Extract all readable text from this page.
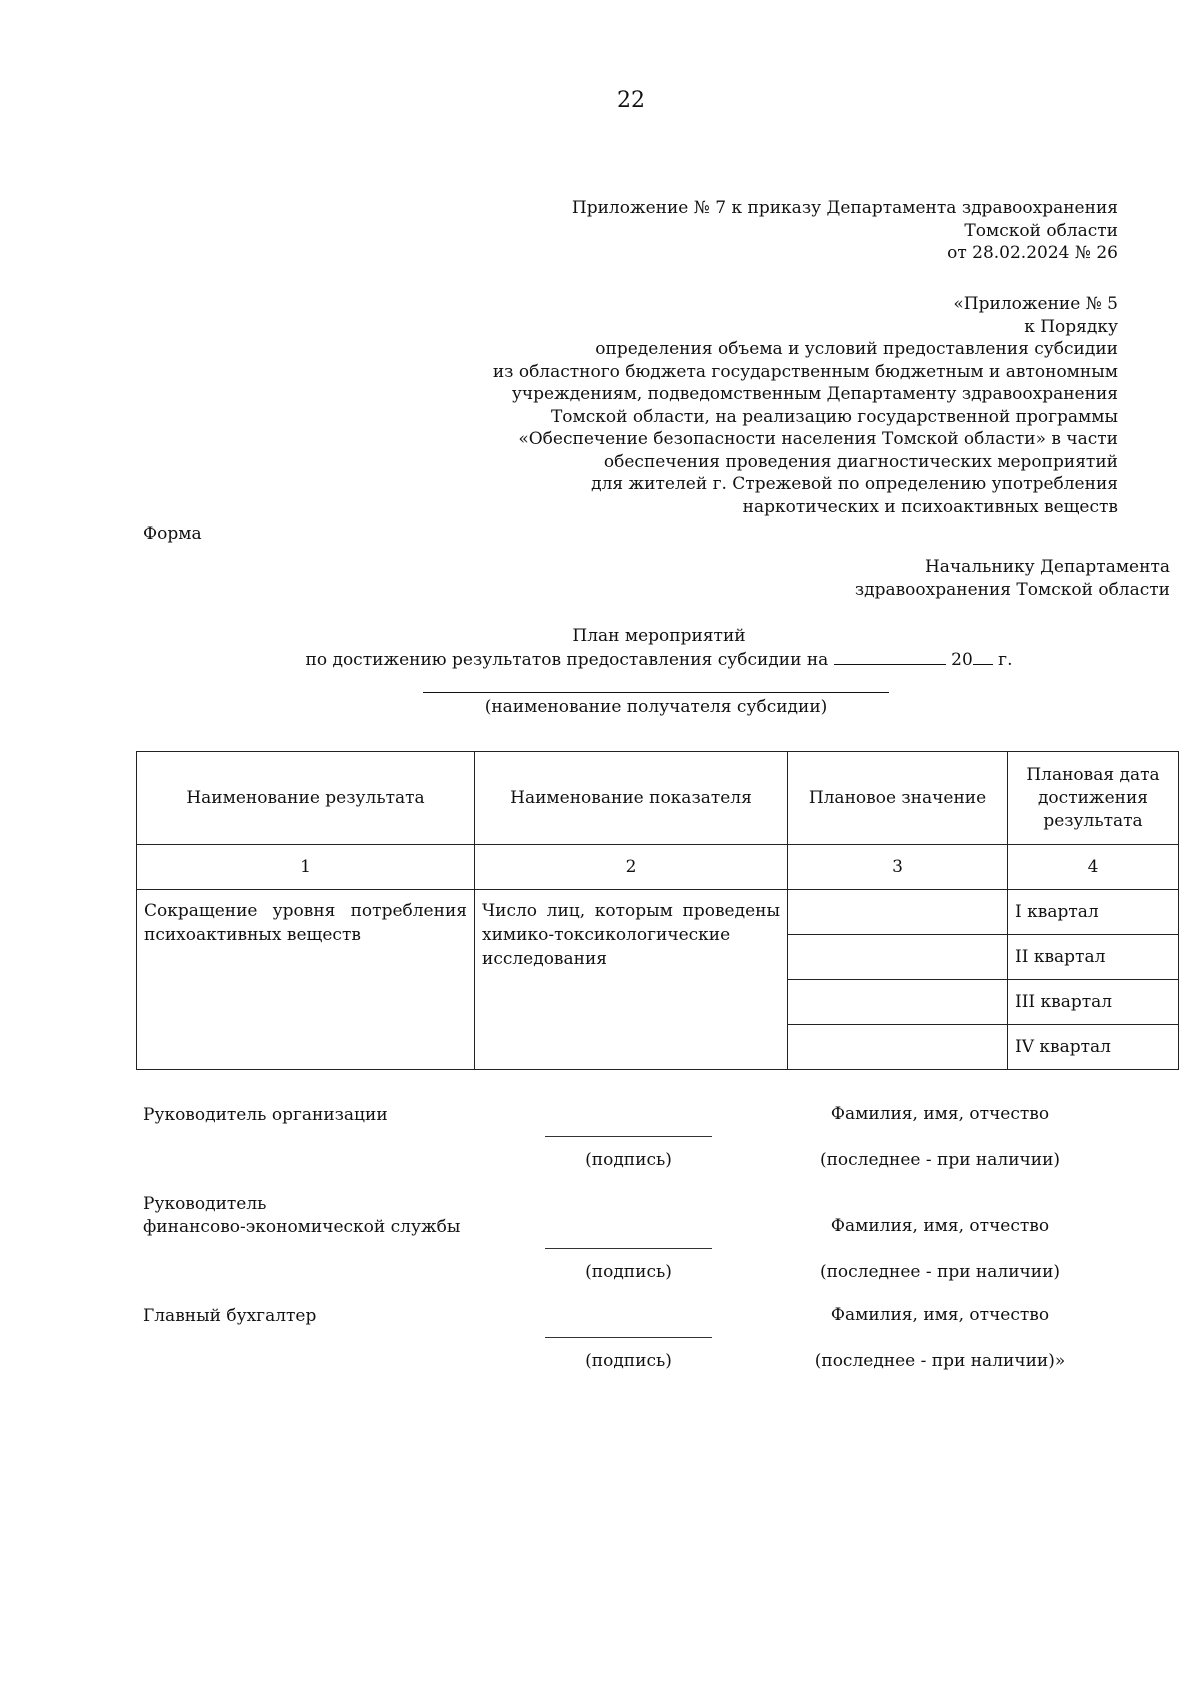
22
Приложение № 7 к приказу Департамента здравоохранения
Томской области
от 28.02.2024 № 26
«Приложение № 5
к Порядку
определения объема и условий предоставления субсидии
из областного бюджета государственным бюджетным и автономным
учреждениям, подведомственным Департаменту здравоохранения
Томской области, на реализацию государственной программы
«Обеспечение безопасности населения Томской области» в части
обеспечения проведения диагностических мероприятий
для жителей г. Стрежевой по определению употребления
наркотических и психоактивных веществ
Форма
Начальнику Департамента
здравоохранения Томской области
План мероприятий
по достижению результатов предоставления субсидии на	20 г.
(наименование получателя субсидии)
Наименование результата	Наименование показателя	Плановое значение	Плановая дата достижения результата
1	2	3	4
Сокращение уровня потребления психоактивных веществ	Число лиц, которым проведены химико-токсикологические исследования		I квартал
			II квартал
			III квартал
			IV квартал
Руководитель организации	Фамилия, имя, отчество
(подпись)	(последнее - при наличии)
Руководитель
финансово-экономической службы	Фамилия, имя, отчество
(подпись)	(последнее - при наличии)
Главный бухгалтер	Фамилия, имя, отчество
(подпись)	(последнее - при наличии)»
